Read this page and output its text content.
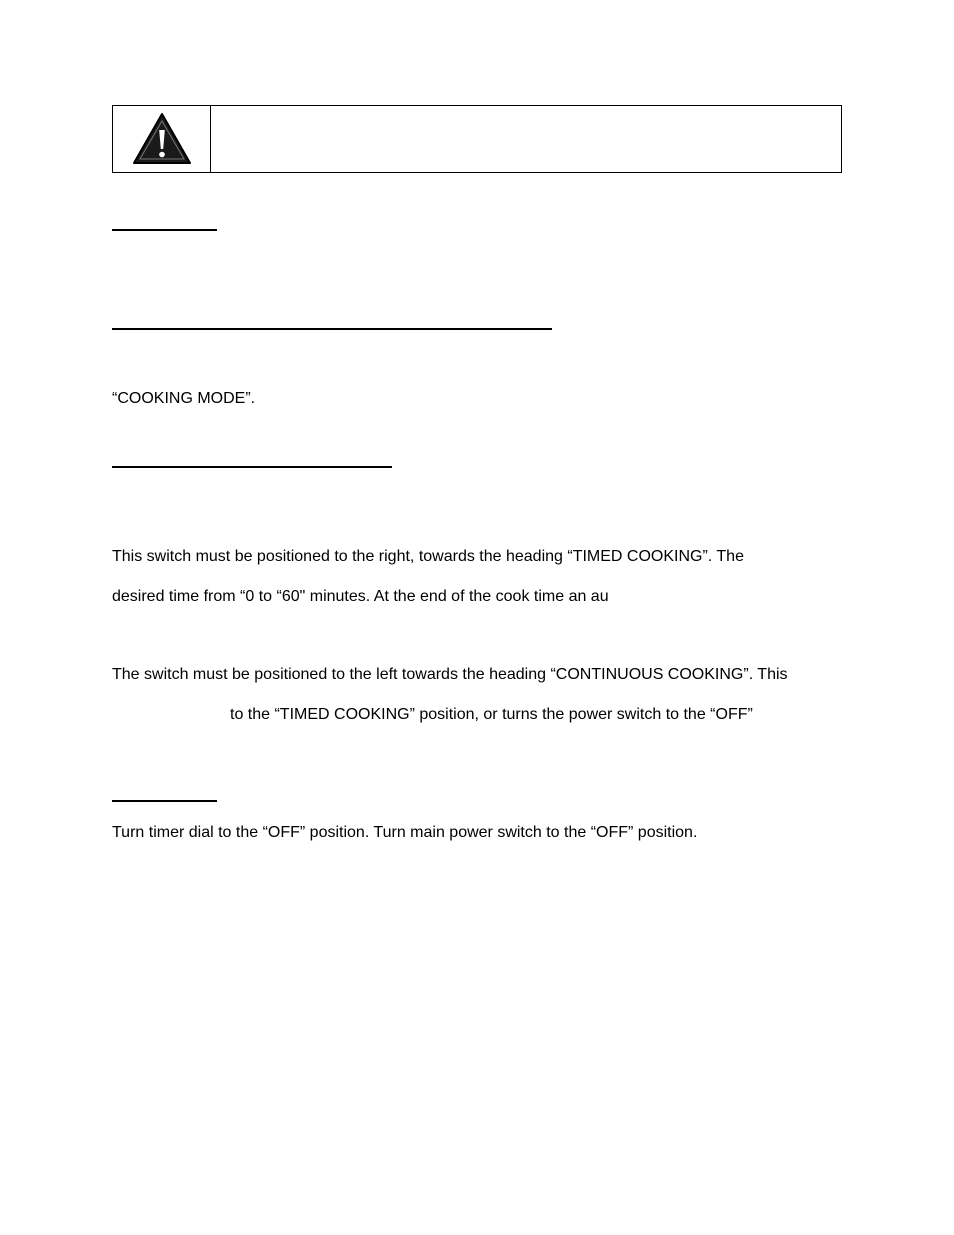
“COOKING MODE”.
This switch must be positioned to the right, towards the heading “TIMED COOKING”. The
desired time from “0 to “60" minutes. At the end of the cook time an au
The switch must be positioned to the left towards the heading “CONTINUOUS COOKING”. This
to the “TIMED COOKING” position, or turns the power switch to the “OFF”
Turn timer dial to the “OFF” position. Turn main power switch to the “OFF” position.
